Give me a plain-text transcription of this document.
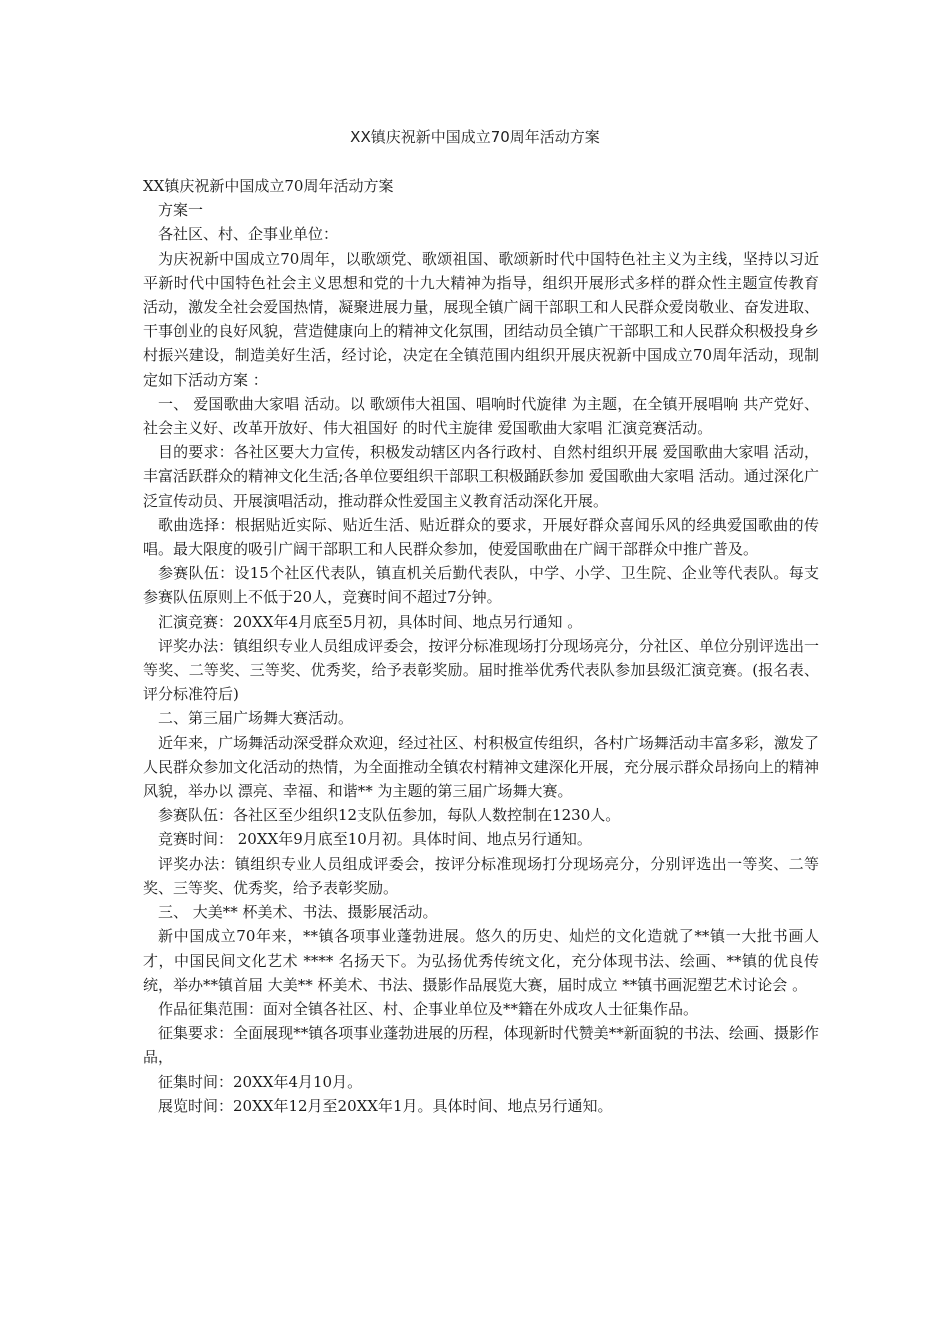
XX镇庆祝新中国成立70周年活动方案

XX镇庆祝新中国成立70周年活动方案

方案一

各社区、村、企事业单位：

为庆祝新中国成立70周年，以歌颂党、歌颂祖国、歌颂新时代中国特色社主义为主线，坚持以习近平新时代中国特色社会主义思想和党的十九大精神为指导，组织开展形式多样的群众性主题宣传教育 活动，激发全社会爱国热情，凝聚进展力量，展现全镇广阔干部职工和人民群众爱岗敬业、奋发进取、干事创业的良好风貌，营造健康向上的精神文化氛围，团结动员全镇广干部职工和人民群众积极投身乡村振兴建设，制造美好生活，经讨论，决定在全镇范围内组织开展庆祝新中国成立70周年活动，现制定如下活动方案 ：

一、 爱国歌曲大家唱 活动。以 歌颂伟大祖国、唱响时代旋律 为主题，在全镇开展唱响 共产党好、社会主义好、改革开放好、伟大祖国好 的时代主旋律 爱国歌曲大家唱 汇演竞赛活动。

目的要求：各社区要大力宣传，积极发动辖区内各行政村、自然村组织开展 爱国歌曲大家唱 活动，丰富活跃群众的精神文化生活;各单位要组织干部职工积极踊跃参加 爱国歌曲大家唱 活动。通过深化广泛宣传动员、开展演唱活动，推动群众性爱国主义教育活动深化开展。

歌曲选择：根据贴近实际、贴近生活、贴近群众的要求，开展好群众喜闻乐风的经典爱国歌曲的传唱。最大限度的吸引广阔干部职工和人民群众参加，使爱国歌曲在广阔干部群众中推广普及。

参赛队伍：设15个社区代表队，镇直机关后勤代表队，中学、小学、卫生院、企业等代表队。每支参赛队伍原则上不低于20人，竞赛时间不超过7分钟。

汇演竞赛：20XX年4月底至5月初，具体时间、地点另行通知 。

评奖办法：镇组织专业人员组成评委会，按评分标准现场打分现场亮分，分社区、单位分别评选出一等奖、二等奖、三等奖、优秀奖，给予表彰奖励。届时推举优秀代表队参加县级汇演竞赛。(报名表、评分标准符后)

二、第三届广场舞大赛活动。

近年来，广场舞活动深受群众欢迎，经过社区、村积极宣传组织，各村广场舞活动丰富多彩，激发了人民群众参加文化活动的热情，为全面推动全镇农村精神文建深化开展，充分展示群众昂扬向上的精神风貌，举办以 漂亮、幸福、和谐** 为主题的第三届广场舞大赛。

参赛队伍：各社区至少组织12支队伍参加，每队人数控制在1230人。

竞赛时间： 20XX年9月底至10月初。具体时间、地点另行通知。

评奖办法：镇组织专业人员组成评委会，按评分标准现场打分现场亮分，分别评选出一等奖、二等奖、三等奖、优秀奖，给予表彰奖励。

三、 大美** 杯美术、书法、摄影展活动。

新中国成立70年来，**镇各项事业蓬勃进展。悠久的历史、灿烂的文化造就了**镇一大批书画人才，中国民间文化艺术 **** 名扬天下。为弘扬优秀传统文化，充分体现书法、绘画、**镇的优良传统，举办**镇首届 大美** 杯美术、书法、摄影作品展览大赛，届时成立 **镇书画泥塑艺术讨论会 。

作品征集范围：面对全镇各社区、村、企事业单位及**籍在外成攻人士征集作品。

征集要求：全面展现**镇各项事业蓬勃进展的历程，体现新时代赞美**新面貌的书法、绘画、摄影作品，

征集时间：20XX年4月10月。

展览时间：20XX年12月至20XX年1月。具体时间、地点另行通知。
